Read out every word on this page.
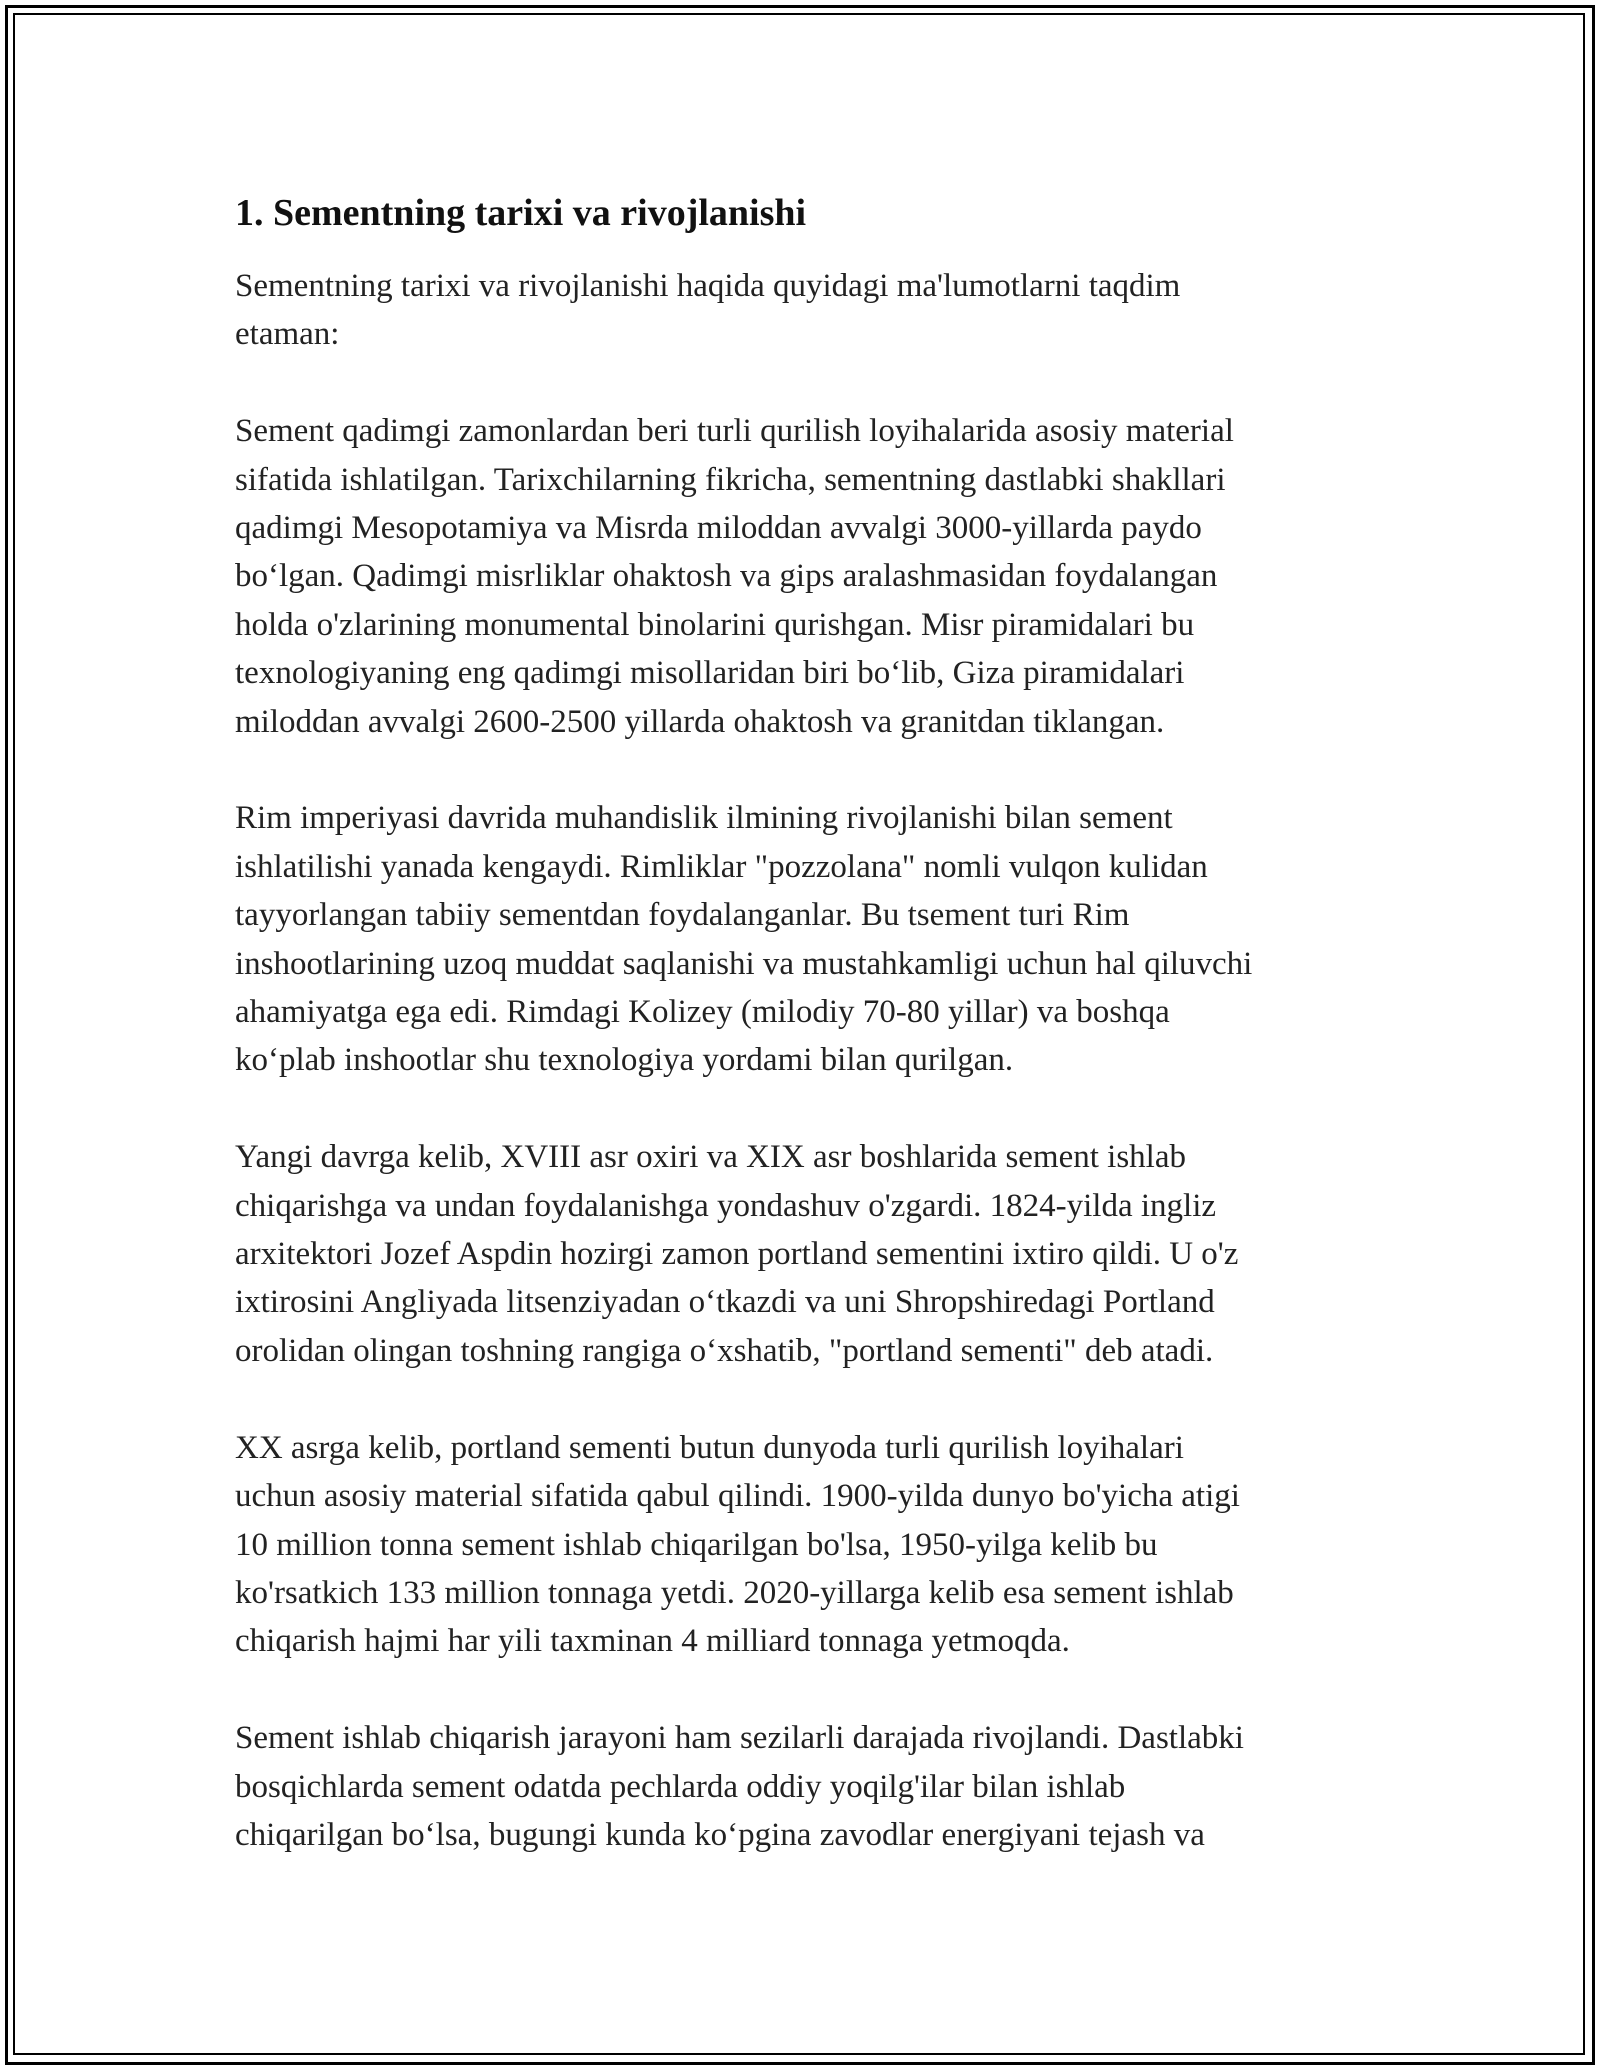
1. Sementning tarixi va rivojlanishi

Sementning tarixi va rivojlanishi haqida quyidagi ma'lumotlarni taqdim
etaman:

Sement qadimgi zamonlardan beri turli qurilish loyihalarida asosiy material
sifatida ishlatilgan. Tarixchilarning fikricha, sementning dastlabki shakllari
qadimgi Mesopotamiya va Misrda miloddan avvalgi 3000-yillarda paydo
bo‘lgan. Qadimgi misrliklar ohaktosh va gips aralashmasidan foydalangan
holda o'zlarining monumental binolarini qurishgan. Misr piramidalari bu
texnologiyaning eng qadimgi misollaridan biri bo‘lib, Giza piramidalari
miloddan avvalgi 2600-2500 yillarda ohaktosh va granitdan tiklangan.

Rim imperiyasi davrida muhandislik ilmining rivojlanishi bilan sement
ishlatilishi yanada kengaydi. Rimliklar "pozzolana" nomli vulqon kulidan
tayyorlangan tabiiy sementdan foydalanganlar. Bu tsement turi Rim
inshootlarining uzoq muddat saqlanishi va mustahkamligi uchun hal qiluvchi
ahamiyatga ega edi. Rimdagi Kolizey (milodiy 70-80 yillar) va boshqa
ko‘plab inshootlar shu texnologiya yordami bilan qurilgan.

Yangi davrga kelib, XVIII asr oxiri va XIX asr boshlarida sement ishlab
chiqarishga va undan foydalanishga yondashuv o'zgardi. 1824-yilda ingliz
arxitektori Jozef Aspdin hozirgi zamon portland sementini ixtiro qildi. U o'z
ixtirosini Angliyada litsenziyadan o‘tkazdi va uni Shropshiredagi Portland
orolidan olingan toshning rangiga o‘xshatib, "portland sementi" deb atadi.

XX asrga kelib, portland sementi butun dunyoda turli qurilish loyihalari
uchun asosiy material sifatida qabul qilindi. 1900-yilda dunyo bo'yicha atigi
10 million tonna sement ishlab chiqarilgan bo'lsa, 1950-yilga kelib bu
ko'rsatkich 133 million tonnaga yetdi. 2020-yillarga kelib esa sement ishlab
chiqarish hajmi har yili taxminan 4 milliard tonnaga yetmoqda.

Sement ishlab chiqarish jarayoni ham sezilarli darajada rivojlandi. Dastlabki
bosqichlarda sement odatda pechlarda oddiy yoqilg'ilar bilan ishlab
chiqarilgan bo‘lsa, bugungi kunda ko‘pgina zavodlar energiyani tejash va
